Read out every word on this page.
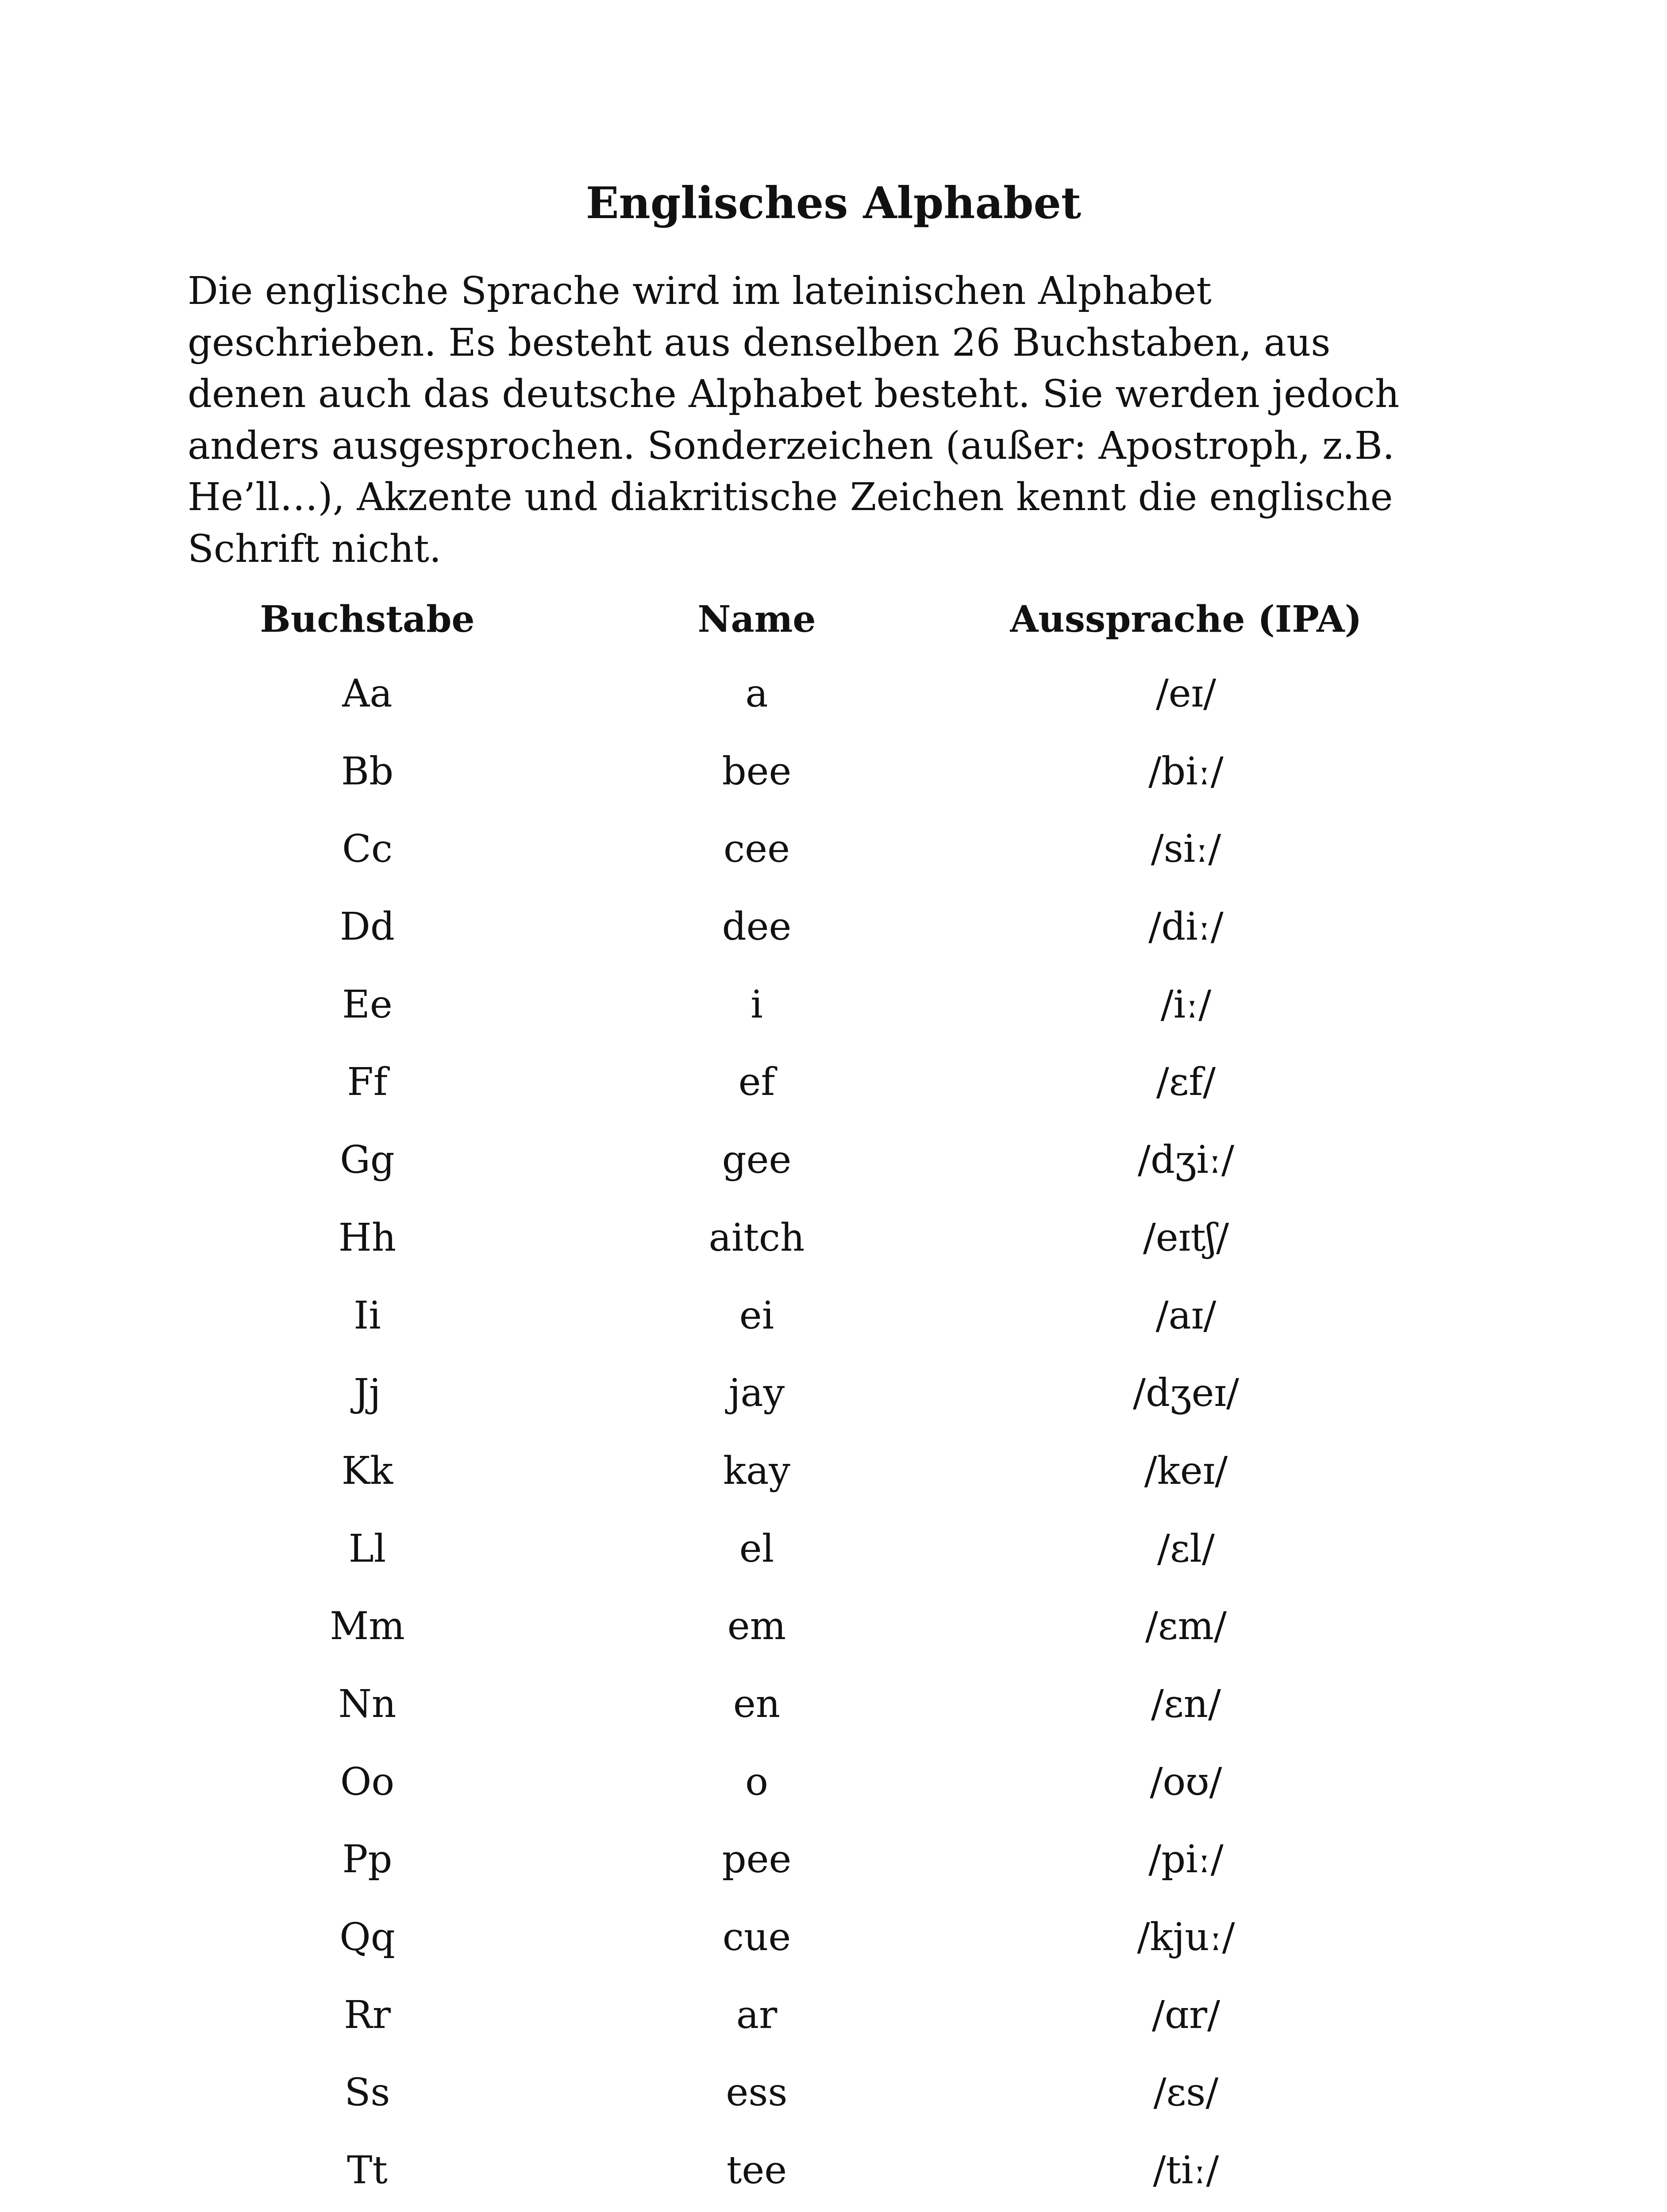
Englisches Alphabet

Die englische Sprache wird im lateinischen Alphabet
geschrieben. Es besteht aus denselben 26 Buchstaben, aus
denen auch das deutsche Alphabet besteht. Sie werden jedoch
anders ausgesprochen. Sonderzeichen (außer: Apostroph, z.B.
He’ll…), Akzente und diakritische Zeichen kennt die englische
Schrift nicht.

Buchstabe	Name	Aussprache (IPA)
Aa	a	/eɪ/
Bb	bee	/biː/
Cc	cee	/siː/
Dd	dee	/diː/
Ee	i	/iː/
Ff	ef	/ɛf/
Gg	gee	/dʒiː/
Hh	aitch	/eɪtʃ/
Ii	ei	/aɪ/
Jj	jay	/dʒeɪ/
Kk	kay	/keɪ/
Ll	el	/ɛl/
Mm	em	/ɛm/
Nn	en	/ɛn/
Oo	o	/oʊ/
Pp	pee	/piː/
Qq	cue	/kjuː/
Rr	ar	/ɑr/
Ss	ess	/ɛs/
Tt	tee	/tiː/
